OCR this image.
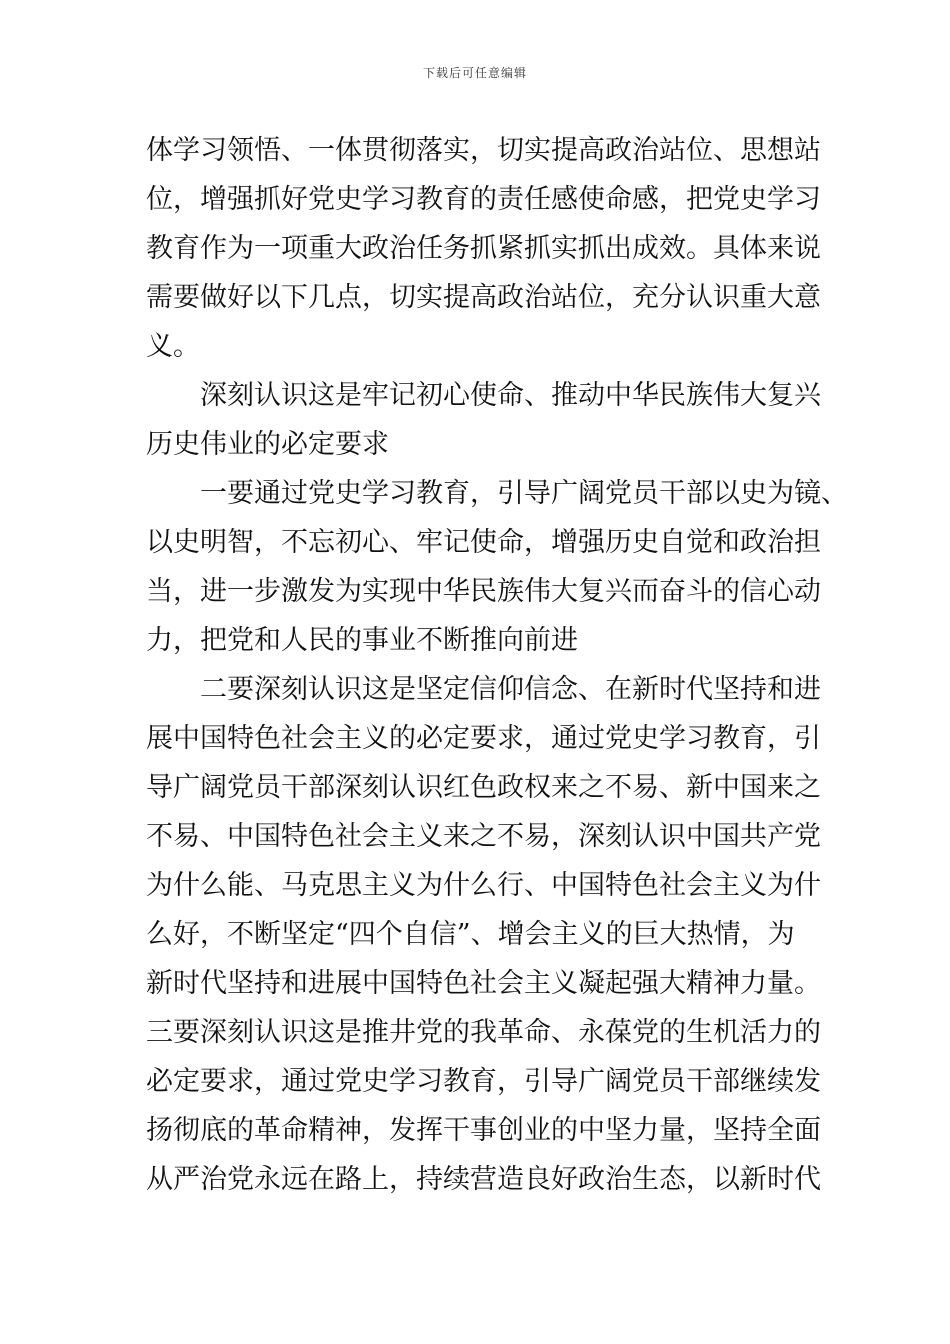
下载后可任意编辑
体学习领悟、一体贯彻落实，切实提高政治站位、思想站
位，增强抓好党史学习教育的责任感使命感，把党史学习
教育作为一项重大政治任务抓紧抓实抓出成效。具体来说
需要做好以下几点，切实提高政治站位，充分认识重大意
义。
深刻认识这是牢记初心使命、推动中华民族伟大复兴
历史伟业的必定要求
一要通过党史学习教育，引导广阔党员干部以史为镜、
以史明智，不忘初心、牢记使命，增强历史自觉和政治担
当，进一步激发为实现中华民族伟大复兴而奋斗的信心动
力，把党和人民的事业不断推向前进
二要深刻认识这是坚定信仰信念、在新时代坚持和进
展中国特色社会主义的必定要求，通过党史学习教育，引
导广阔党员干部深刻认识红色政权来之不易、新中国来之
不易、中国特色社会主义来之不易，深刻认识中国共产党
为什么能、马克思主义为什么行、中国特色社会主义为什
么好，不断坚定“四个自信”、增会主义的巨大热情，为
新时代坚持和进展中国特色社会主义凝起强大精神力量。
三要深刻认识这是推井党的我革命、永葆党的生机活力的
必定要求，通过党史学习教育，引导广阔党员干部继续发
扬彻底的革命精神，发挥干事创业的中坚力量，坚持全面
从严治党永远在路上，持续营造良好政治生态，以新时代
